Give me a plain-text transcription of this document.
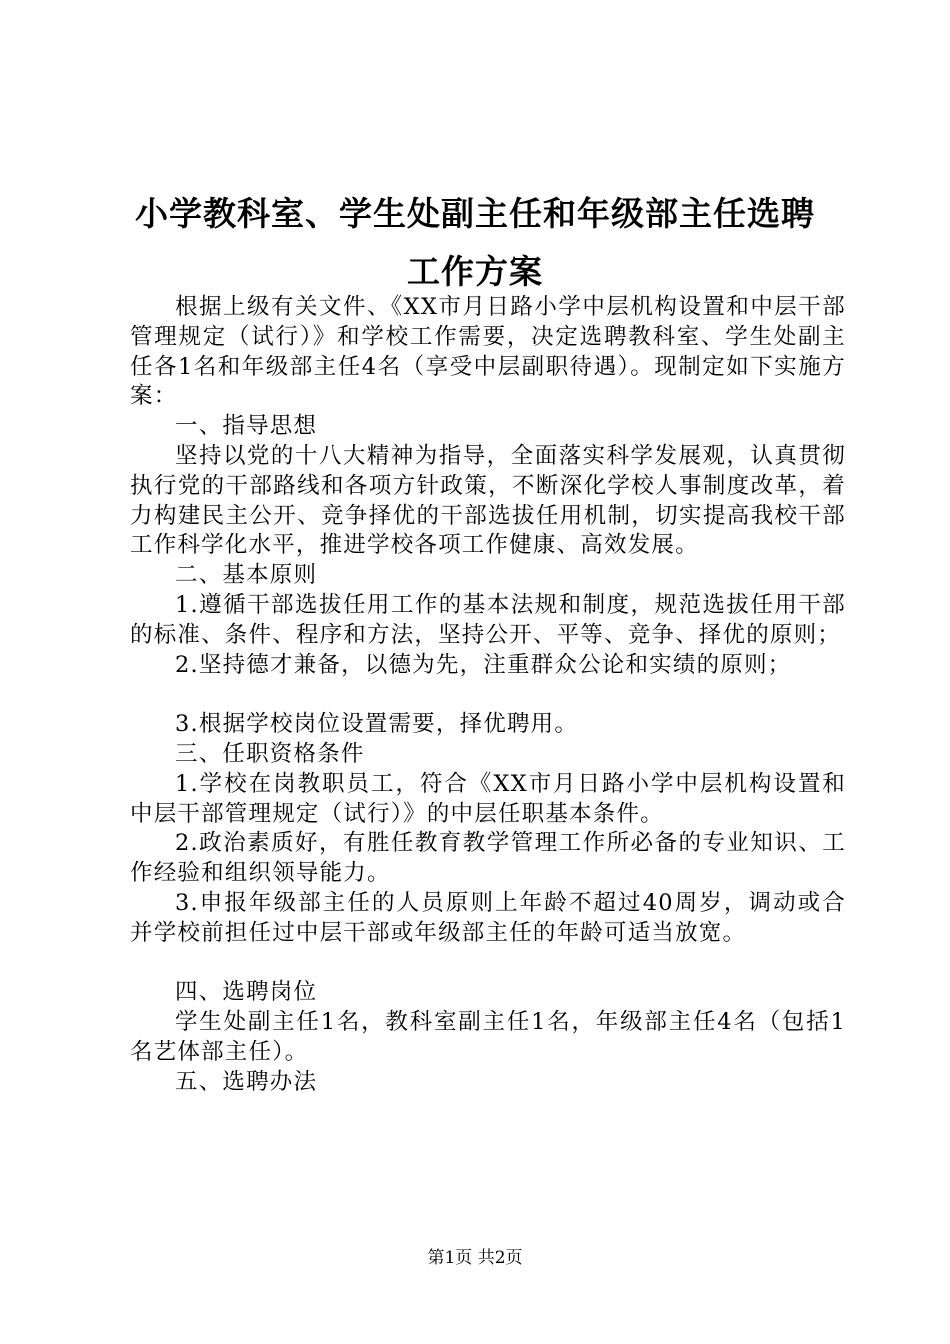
小学教科室、学生处副主任和年级部主任选聘
工作方案

根据上级有关文件、《XX市月日路小学中层机构设置和中层干部管理规定（试行）》和学校工作需要，决定选聘教科室、学生处副主任各1名和年级部主任4名（享受中层副职待遇）。现制定如下实施方案：

一、指导思想

坚持以党的十八大精神为指导，全面落实科学发展观，认真贯彻执行党的干部路线和各项方针政策，不断深化学校人事制度改革，着力构建民主公开、竞争择优的干部选拔任用机制，切实提高我校干部工作科学化水平，推进学校各项工作健康、高效发展。

二、基本原则

1.遵循干部选拔任用工作的基本法规和制度，规范选拔任用干部的标准、条件、程序和方法，坚持公开、平等、竞争、择优的原则；

2.坚持德才兼备，以德为先，注重群众公论和实绩的原则；

3.根据学校岗位设置需要，择优聘用。

三、任职资格条件

1.学校在岗教职员工，符合《XX市月日路小学中层机构设置和中层干部管理规定（试行）》的中层任职基本条件。

2.政治素质好，有胜任教育教学管理工作所必备的专业知识、工作经验和组织领导能力。

3.申报年级部主任的人员原则上年龄不超过40周岁，调动或合并学校前担任过中层干部或年级部主任的年龄可适当放宽。

四、选聘岗位

学生处副主任1名，教科室副主任1名，年级部主任4名（包括1名艺体部主任）。

五、选聘办法

第1页 共2页
